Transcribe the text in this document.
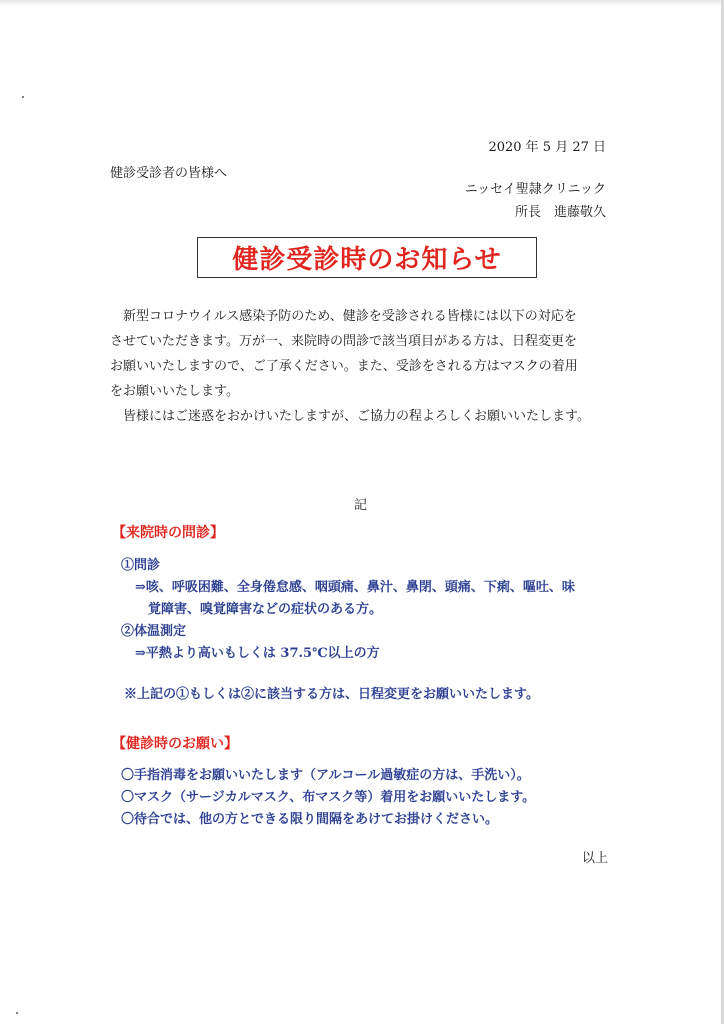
2020 年 5 月 27 日
健診受診者の皆様へ
ニッセイ聖隷クリニック
所長　進藤敬久
健診受診時のお知らせ

新型コロナウイルス感染予防のため、健診を受診される皆様には以下の対応を

させていただきます。万が一、来院時の問診で該当項目がある方は、日程変更を

お願いいたしますので、ご了承ください。また、受診をされる方はマスクの着用

をお願いいたします。

皆様にはご迷惑をおかけいたしますが、ご協力の程よろしくお願いいたします。

記
【来院時の問診】
①問診
⇒咳、呼吸困難、全身倦怠感、咽頭痛、鼻汁、鼻閉、頭痛、下痢、嘔吐、味
覚障害、嗅覚障害などの症状のある方。
②体温測定
⇒平熱より高いもしくは 37.5℃以上の方
※上記の①もしくは②に該当する方は、日程変更をお願いいたします。
【健診時のお願い】
〇手指消毒をお願いいたします（アルコール過敏症の方は、手洗い）。
〇マスク（サージカルマスク、布マスク等）着用をお願いいたします。
〇待合では、他の方とできる限り間隔をあけてお掛けください。
以上
